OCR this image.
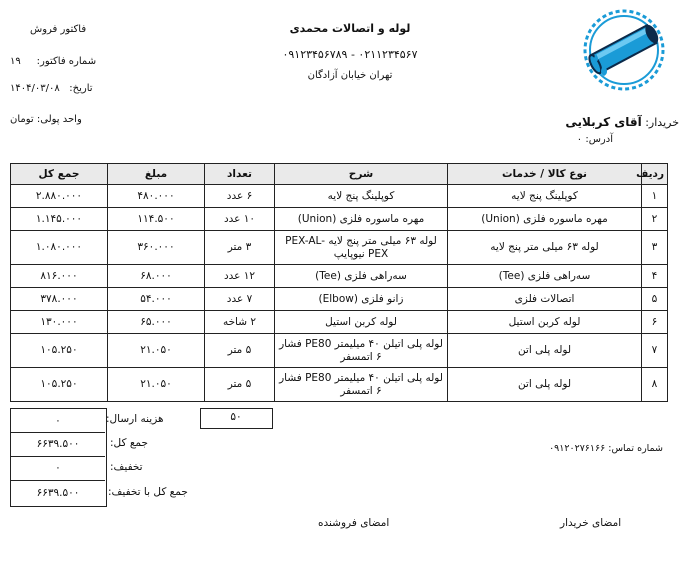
لوله و اتصالات محمدی
۰۹۱۲۳۴۵۶۷۸۹ - ۰۲۱۱۲۳۴۵۶۷
تهران خیابان آزادگان
فاکتور فروش
شماره فاکتور:     ۱۹
تاریخ:   ۱۴۰۴/۰۳/۰۸
واحد پولی: تومان	خریدار: آقای کربلایی
آدرس: ۰
ردیف	نوع کالا / خدمات	شرح	تعداد	مبلغ	جمع کل
۱	کوپلینگ پنج لایه	کوپلینگ پنج لایه	۶ عدد	۴۸۰.۰۰۰	۲.۸۸۰.۰۰۰
۲	مهره ماسوره فلزی (Union)	مهره ماسوره فلزی (Union)	۱۰ عدد	۱۱۴.۵۰۰	۱.۱۴۵.۰۰۰
۳	لوله ۶۳ میلی متر پنج لایه	لوله ۶۳ میلی متر پنج لایه PEX-AL-PEX نیوپایپ	۳ متر	۳۶۰.۰۰۰	۱.۰۸۰.۰۰۰
۴	سه‌راهی فلزی (Tee)	سه‌راهی فلزی (Tee)	۱۲ عدد	۶۸.۰۰۰	۸۱۶.۰۰۰
۵	اتصالات فلزی	زانو فلزی (Elbow)	۷ عدد	۵۴.۰۰۰	۳۷۸.۰۰۰
۶	لوله کربن استیل	لوله کربن استیل	۲ شاخه	۶۵.۰۰۰	۱۳۰.۰۰۰
۷	لوله پلی اتن	لوله پلی اتیلن ۴۰ میلیمتر PE80 فشار ۶ اتمسفر	۵ متر	۲۱.۰۵۰	۱۰۵.۲۵۰
۸	لوله پلی اتن	لوله پلی اتیلن ۴۰ میلیمتر PE80 فشار ۶ اتمسفر	۵ متر	۲۱.۰۵۰	۱۰۵.۲۵۰
۵۰
۰	هزینه ارسال:
۶۶۳۹.۵۰۰	جمع کل:
۰	تخفیف:
۶۶۳۹.۵۰۰	جمع کل با تخفیف:
شماره تماس: ۰۹۱۲۰۲۷۶۱۶۶
امضای خریدار
امضای فروشنده
